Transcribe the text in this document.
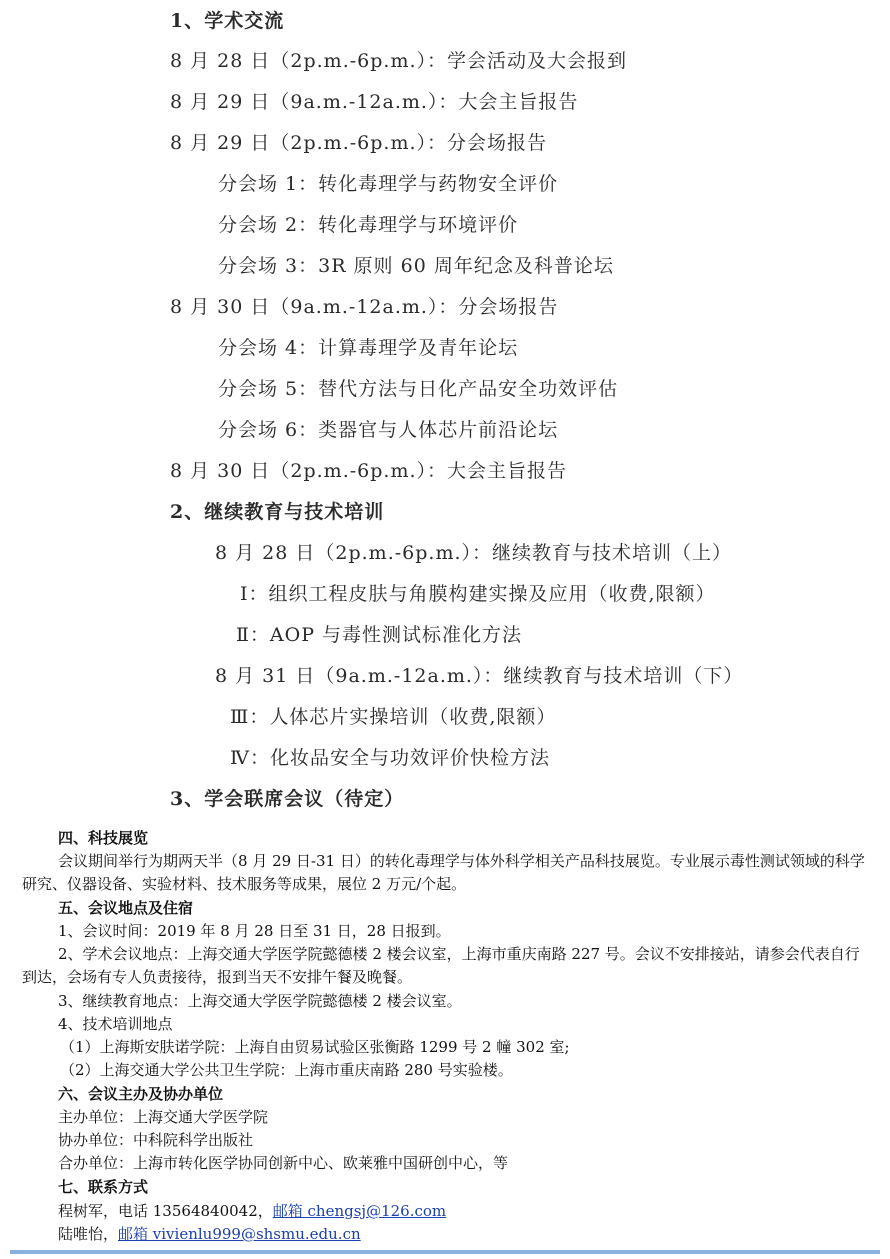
1、学术交流
8 月 28 日（2p.m.-6p.m.）：学会活动及大会报到
8 月 29 日（9a.m.-12a.m.）：大会主旨报告
8 月 29 日（2p.m.-6p.m.）：分会场报告
分会场 1：转化毒理学与药物安全评价
分会场 2：转化毒理学与环境评价
分会场 3：3R 原则 60 周年纪念及科普论坛
8 月 30 日（9a.m.-12a.m.）：分会场报告
分会场 4：计算毒理学及青年论坛
分会场 5：替代方法与日化产品安全功效评估
分会场 6：类器官与人体芯片前沿论坛
8 月 30 日（2p.m.-6p.m.）：大会主旨报告
2、继续教育与技术培训
8 月 28 日（2p.m.-6p.m.）：继续教育与技术培训（上）
Ⅰ：组织工程皮肤与角膜构建实操及应用（收费,限额）
Ⅱ：AOP 与毒性测试标准化方法
8 月 31 日（9a.m.-12a.m.）：继续教育与技术培训（下）
Ⅲ：人体芯片实操培训（收费,限额）
Ⅳ：化妆品安全与功效评价快检方法
3、学会联席会议（待定）
四、科技展览
会议期间举行为期两天半（8 月 29 日-31 日）的转化毒理学与体外科学相关产品科技展览。专业展示毒性测试领域的科学研究、仪器设备、实验材料、技术服务等成果，展位 2 万元/个起。
五、会议地点及住宿
1、会议时间：2019 年 8 月 28 日至 31 日，28 日报到。
2、学术会议地点：上海交通大学医学院懿德楼 2 楼会议室，上海市重庆南路 227 号。会议不安排接站，请参会代表自行到达，会场有专人负责接待，报到当天不安排午餐及晚餐。
3、继续教育地点：上海交通大学医学院懿德楼 2 楼会议室。
4、技术培训地点
（1）上海斯安肤诺学院：上海自由贸易试验区张衡路 1299 号 2 幢 302 室;
（2）上海交通大学公共卫生学院：上海市重庆南路 280 号实验楼。
六、会议主办及协办单位
主办单位：上海交通大学医学院
协办单位：中科院科学出版社
合办单位：上海市转化医学协同创新中心、欧莱雅中国研创中心，等
七、联系方式
程树军，电话 13564840042，邮箱 chengsj@126.com
陆唯怡，邮箱 vivienlu999@shsmu.edu.cn
